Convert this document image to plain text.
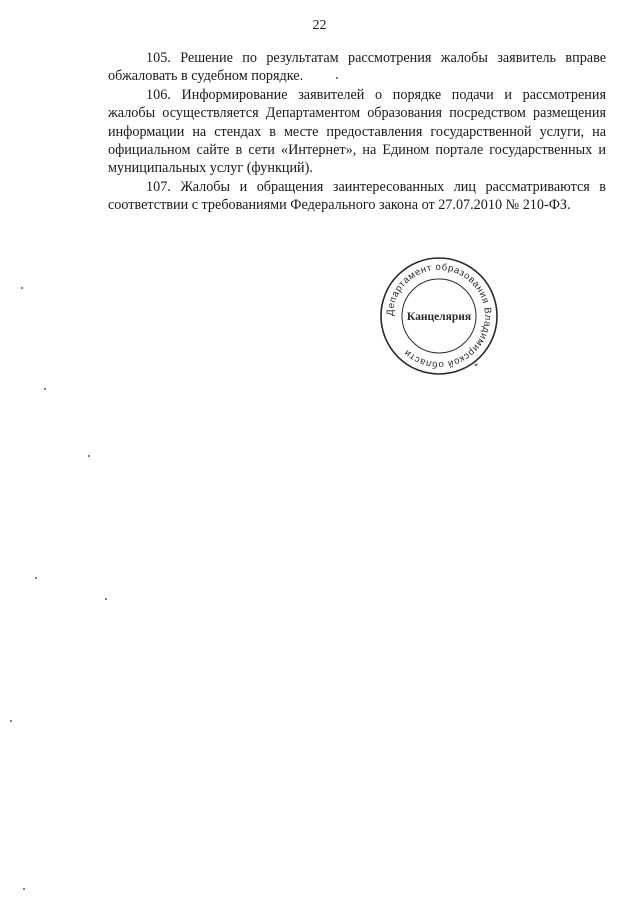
22

105. Решение по результатам рассмотрения жалобы заявитель вправе обжаловать в судебном порядке.

106. Информирование заявителей о порядке подачи и рассмотрения жалобы осуществляется Департаментом образования посредством размещения информации на стендах в месте предоставления государственной услуги, на официальном сайте в сети «Интернет», на Едином портале государственных и муниципальных услуг (функций).

107. Жалобы и обращения заинтересованных лиц рассматриваются в соответствии с требованиями Федерального закона от 27.07.2010 № 210-ФЗ.

Департамент образования Владимирской области
*
Канцелярия
